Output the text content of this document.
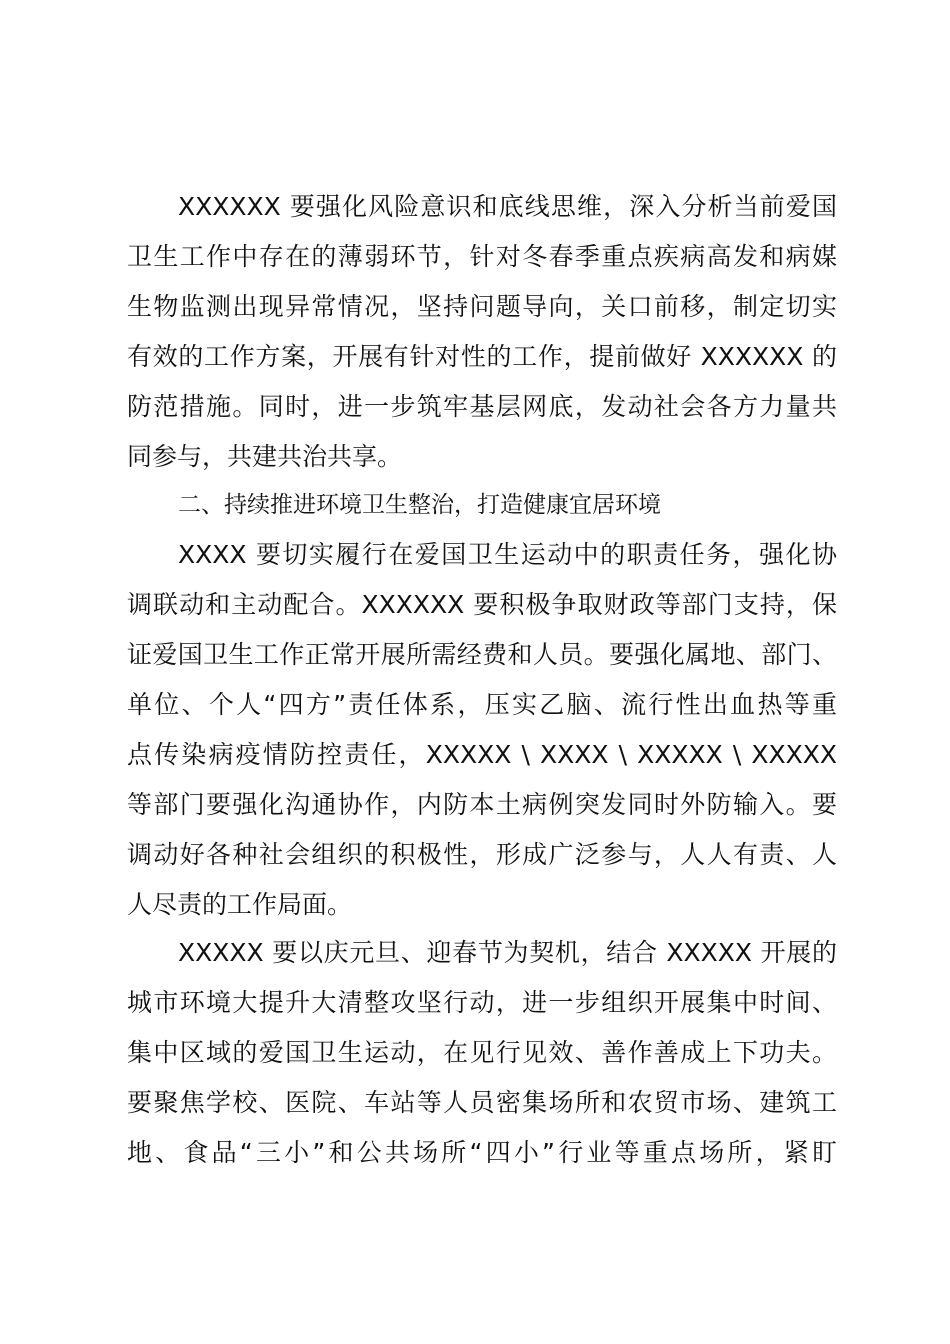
XXXXXX 要强化风险意识和底线思维，深入分析当前爱国
卫生工作中存在的薄弱环节，针对冬春季重点疾病高发和病媒
生物监测出现异常情况，坚持问题导向，关口前移，制定切实
有效的工作方案，开展有针对性的工作，提前做好 XXXXXX 的
防范措施。同时，进一步筑牢基层网底，发动社会各方力量共
同参与，共建共治共享。
二、持续推进环境卫生整治，打造健康宜居环境
XXXX 要切实履行在爱国卫生运动中的职责任务，强化协
调联动和主动配合。XXXXXX 要积极争取财政等部门支持，保
证爱国卫生工作正常开展所需经费和人员。要强化属地、部门、
单位、个人“四方”责任体系，压实乙脑、流行性出血热等重
点传染病疫情防控责任，XXXXX \ XXXX \ XXXXX \ XXXXX
等部门要强化沟通协作，内防本土病例突发同时外防输入。要
调动好各种社会组织的积极性，形成广泛参与，人人有责、人
人尽责的工作局面。
XXXXX 要以庆元旦、迎春节为契机，结合 XXXXX 开展的
城市环境大提升大清整攻坚行动，进一步组织开展集中时间、
集中区域的爱国卫生运动，在见行见效、善作善成上下功夫。
要聚焦学校、医院、车站等人员密集场所和农贸市场、建筑工
地、食品“三小”和公共场所“四小”行业等重点场所，紧盯
